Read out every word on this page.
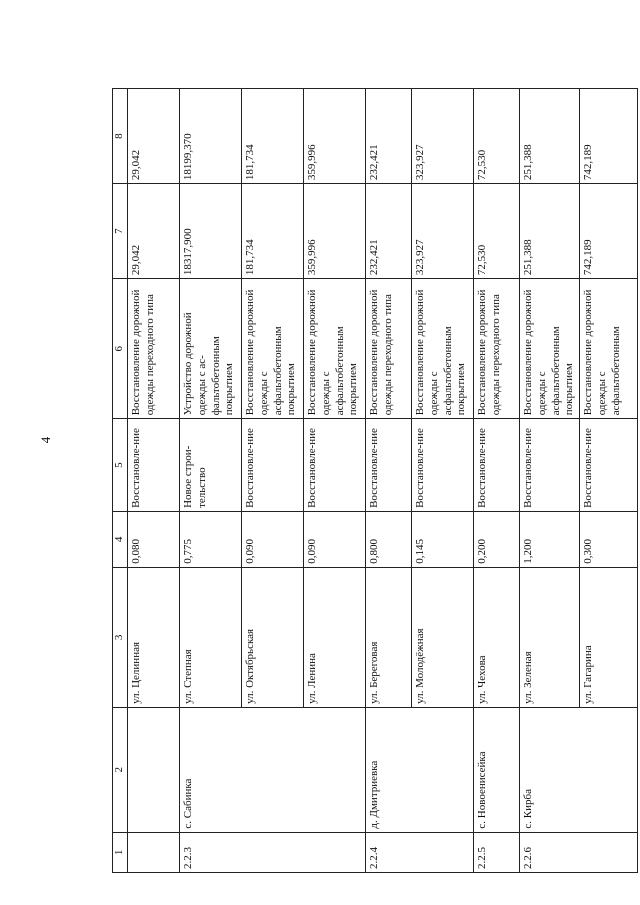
4
1	2	3	4	5	6	7	8
		ул. Целинная	0,080	Восстановле-ние	Восстановление дорожной одежды переходного типа	29,042	29,042
2.2.3	с. Сабинка	ул. Степная	0,775	Новое строи-тельство	Устройство дорожной одежды с ас-фальтобетонным покрытием	18317,900	18199,370
		ул. Октябрьская	0,090	Восстановле-ние	Восстановление дорожной одежды с асфальтобетонным покрытием	181,734	181,734
		ул. Ленина	0,090	Восстановле-ние	Восстановление дорожной одежды с асфальтобетонным покрытием	359,996	359,996
2.2.4	д. Дмитриевка	ул. Береговая	0,800	Восстановле-ние	Восстановление дорожной одежды переходного типа	232,421	232,421
		ул. Молодёжная	0,145	Восстановле-ние	Восстановление дорожной одежды с асфальтобетонным покрытием	323,927	323,927
2.2.5	с. Новоенисейка	ул. Чехова	0,200	Восстановле-ние	Восстановление дорожной одежды переходного типа	72,530	72,530
2.2.6	с. Кирба	ул. Зеленая	1,200	Восстановле-ние	Восстановление дорожной одежды с асфальтобетонным покрытием	251,388	251,388
		ул. Гагарина	0,300	Восстановле-ние	Восстановление дорожной одежды с асфальтобетонным	742,189	742,189
